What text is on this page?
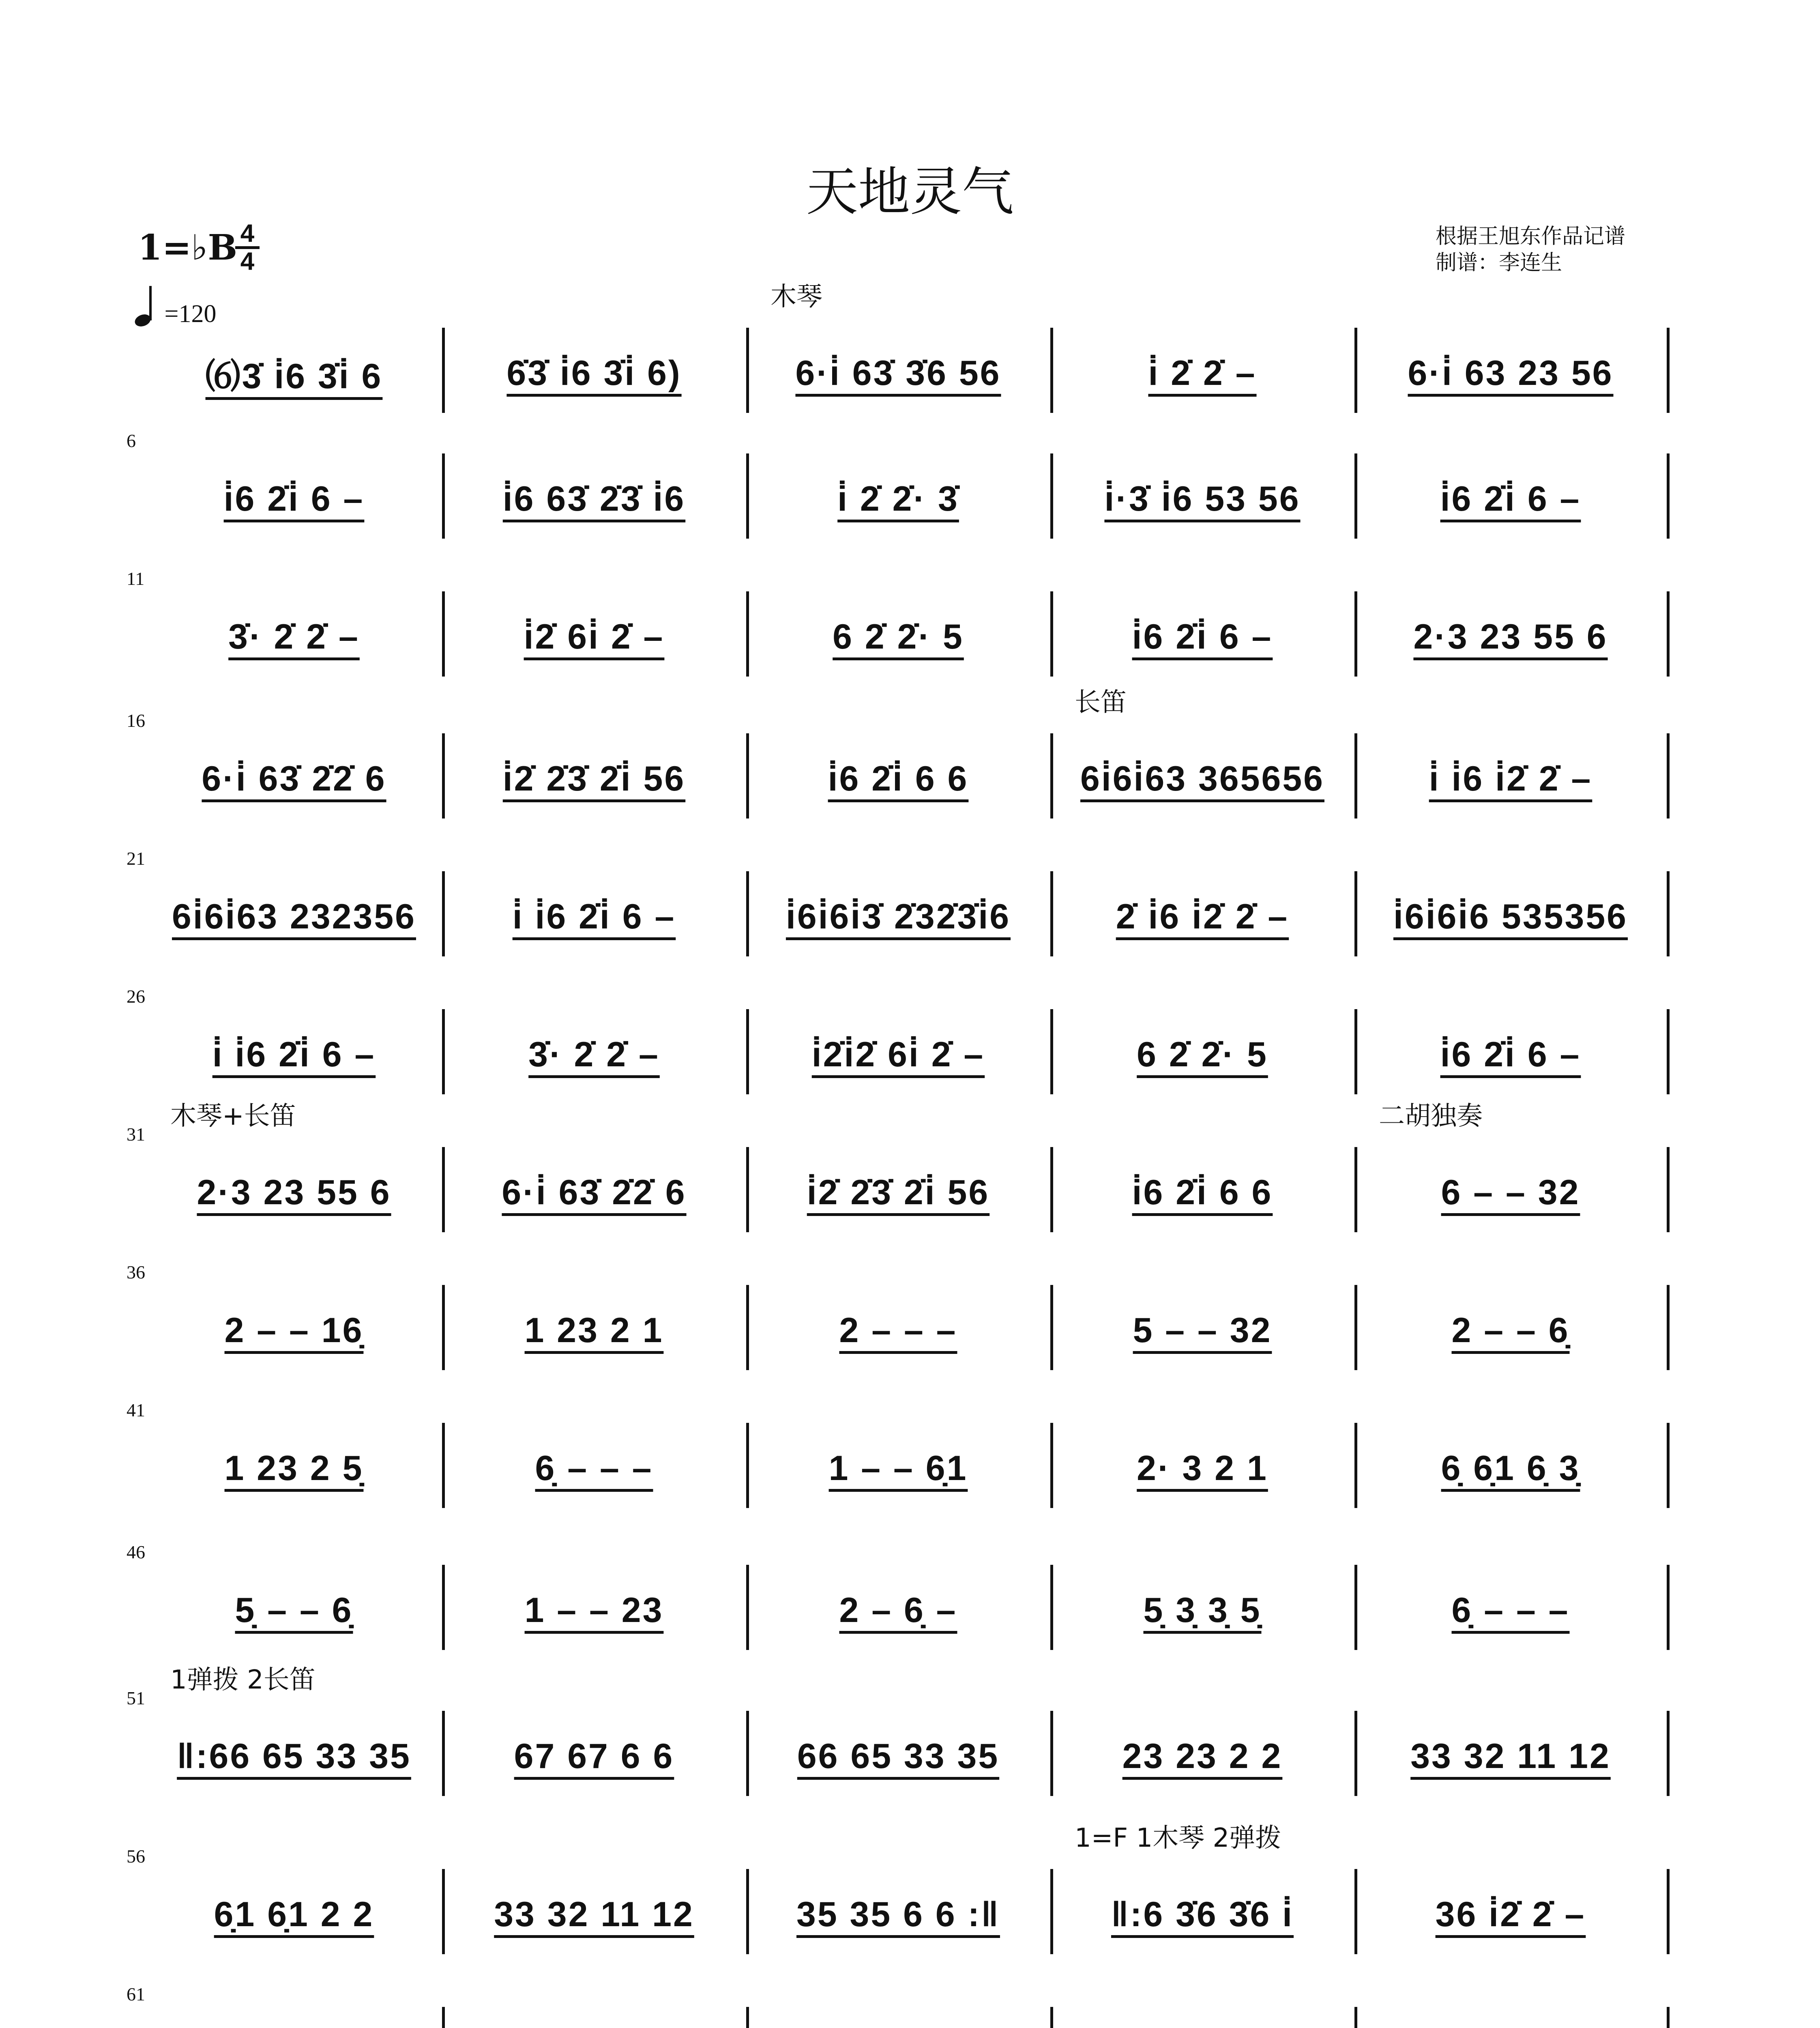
天地灵气
根据王旭东作品记谱
制谱：李连生
1=♭B
$\frac{4}{4}$
=120
木琴
⑹3̇ i̇6 3̇i̇ 6	6̇3̇ i̇6 3̇i̇ 6)	6·i̇ 63̇ 3̇6 56	i̇ 2̇ 2̇ –	6·i̇ 63 23 56
6
i̇6 2̇i̇ 6 –	i̇6 63̇ 2̇3̇ i̇6	i̇ 2̇ 2̇· 3̇	i̇·3̇ i̇6 53 56	i̇6 2̇i̇ 6 –
11
3̇· 2̇ 2̇ –	i̇2̇ 6i̇ 2̇ –	6 2̇ 2̇· 5	i̇6 2̇i̇ 6 –	2·3 23 55 6
16
长笛
6·i̇ 63̇ 2̇2̇ 6	i̇2̇ 2̇3̇ 2̇i̇ 56	i̇6 2̇i̇ 6 6	6i̇6i̇63 365656	i̇ i̇6 i̇2̇ 2̇ –
21
6i̇6i̇63 232356	i̇ i̇6 2̇i̇ 6 –	i̇6i̇6i̇3̇ 2̇32̇3̇i̇6	2̇ i̇6 i̇2̇ 2̇ –	i̇6i̇6i̇6 535356
26
i̇ i̇6 2̇i̇ 6 –	3̇· 2̇ 2̇ –	i̇2̇i̇2̇ 6i̇ 2̇ –	6 2̇ 2̇· 5	i̇6 2̇i̇ 6 –
31
木琴+长笛	二胡独奏
2·3 23 55 6	6·i̇ 63̇ 2̇2̇ 6	i̇2̇ 2̇3̇ 2̇i̇ 56	i̇6 2̇i̇ 6 6	6 – – 32
36
2 – – 16̣	1 23 2 1	2 – – –	5 – – 32	2 – – 6̣
41
1 23 2 5̣	6̣ – – –	1 – – 6̣1	2· 3 2 1	6̣ 6̣1 6̣ 3̣
46
5̣ – – 6̣	1 – – 23	2 – 6̣ –	5̣ 3̣ 3̣ 5̣	6̣ – – –
51
1弹拨 2长笛
‖:66 65 33 35	67 67 6 6	66 65 33 35	23 23 2 2	33 32 11 12
56
1=F 1木琴 2弹拨
6̣1 6̣1 2 2	33 32 11 12	35 35 6 6 :‖	‖:6 3̇6 3̇6 i̇	36 i̇2̇ 2̇ –
61
